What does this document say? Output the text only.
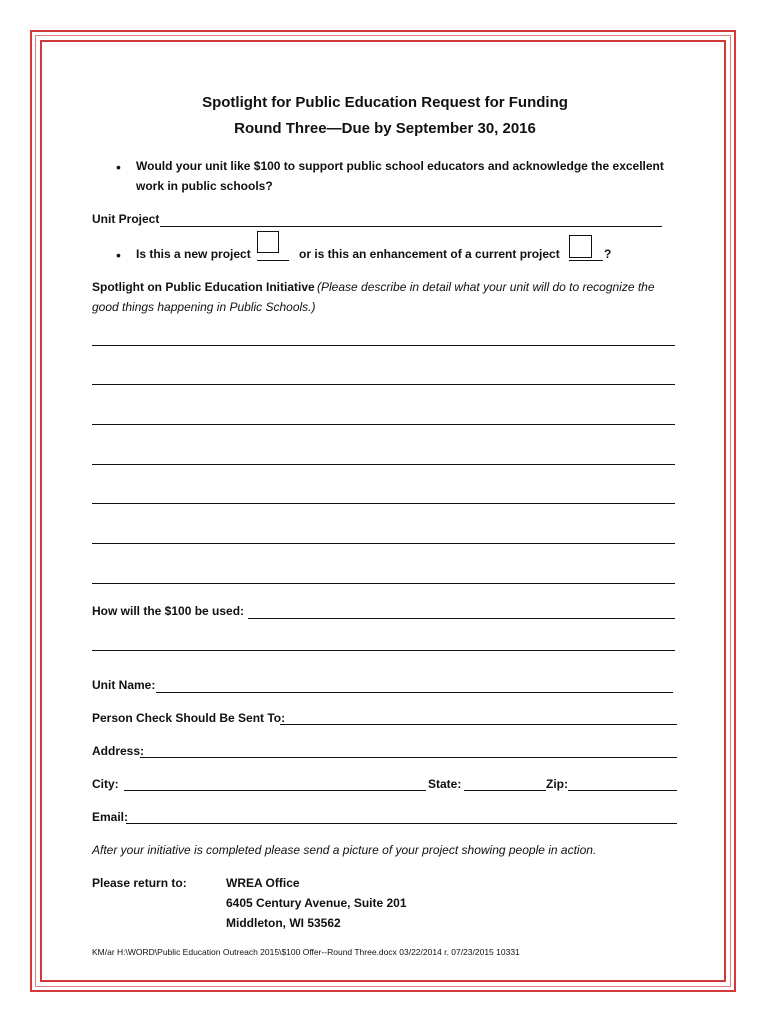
Spotlight for Public Education Request for Funding
Round Three—Due by September 30, 2016
• Would your unit like $100 to support public school educators and acknowledge the excellent
work in public schools?
Unit Project
• Is this a new project	or is this an enhancement of a current project	?
Spotlight on Public Education Initiative (Please describe in detail what your unit will do to recognize the
good things happening in Public Schools.)
How will the $100 be used:
Unit Name:
Person Check Should Be Sent To:
Address:
City:	State:	Zip:
Email:
After your initiative is completed please send a picture of your project showing people in action.
Please return to:	WREA Office
6405 Century Avenue, Suite 201
Middleton, WI 53562
KM/ar H:\WORD\Public Education Outreach 2015\$100 Offer--Round Three.docx 03/22/2014 r. 07/23/2015 10331
